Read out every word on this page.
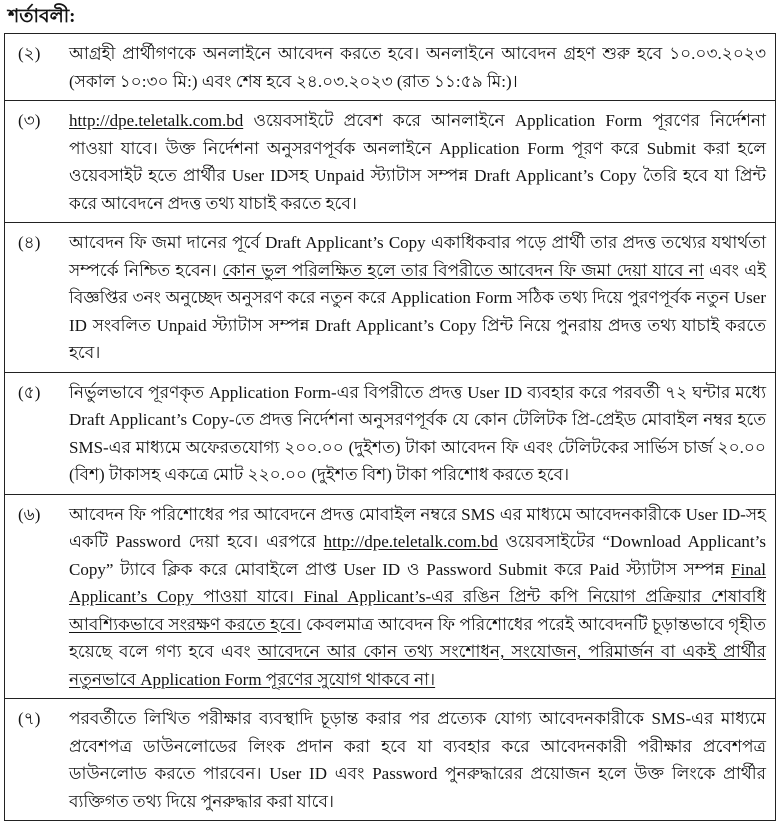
শর্তাবলী:
(২)	আগ্রহী প্রার্থীগণকে অনলাইনে আবেদন করতে হবে। অনলাইনে আবেদন গ্রহণ শুরু হবে ১০.০৩.২০২৩ (সকাল ১০:৩০ মি:) এবং শেষ হবে ২৪.০৩.২০২৩ (রাত ১১:৫৯ মি:)।
(৩)	http://dpe.teletalk.com.bd ওয়েবসাইটে প্রবেশ করে আনলাইনে Application Form পূরণের নির্দেশনা পাওয়া যাবে। উক্ত নির্দেশনা অনুসরণপূর্বক অনলাইনে Application Form পূরণ করে Submit করা হলে ওয়েবসাইট হতে প্রার্থীর User IDসহ Unpaid স্ট্যাটাস সম্পন্ন Draft Applicant’s Copy তৈরি হবে যা প্রিন্ট করে আবেদনে প্রদত্ত তথ্য যাচাই করতে হবে।
(৪)	আবেদন ফি জমা দানের পূর্বে Draft Applicant’s Copy একাধিকবার পড়ে প্রার্থী তার প্রদত্ত তথ্যের যথার্থতা সম্পর্কে নিশ্চিত হবেন। কোন ভুল পরিলক্ষিত হলে তার বিপরীতে আবেদন ফি জমা দেয়া যাবে না এবং এই বিজ্ঞপ্তির ৩নং অনুচ্ছেদ অনুসরণ করে নতুন করে Application Form সঠিক তথ্য দিয়ে পুরণপূর্বক নতুন User ID সংবলিত Unpaid স্ট্যাটাস সম্পন্ন Draft Applicant’s Copy প্রিন্ট নিয়ে পুনরায় প্রদত্ত তথ্য যাচাই করতে হবে।
(৫)	নির্ভুলভাবে পূরণকৃত Application Form-এর বিপরীতে প্রদত্ত User ID ব্যবহার করে পরবর্তী ৭২ ঘন্টার মধ্যে Draft Applicant’s Copy-তে প্রদত্ত নির্দেশনা অনুসরণপূর্বক যে কোন টেলিটক প্রি-প্রেইড মোবাইল নম্বর হতে SMS-এর মাধ্যমে অফেরতযোগ্য ২০০.০০ (দুইশত) টাকা আবেদন ফি এবং টেলিটকের সার্ভিস চার্জ ২০.০০ (বিশ) টাকাসহ একত্রে মোট ২২০.০০ (দুইশত বিশ) টাকা পরিশোধ করতে হবে।
(৬)	আবেদন ফি পরিশোধের পর আবেদনে প্রদত্ত মোবাইল নম্বরে SMS এর মাধ্যমে আবেদনকারীকে User ID-সহ একটি Password দেয়া হবে। এরপরে http://dpe.teletalk.com.bd ওয়েবসাইটের “Download Applicant’s Copy” ট্যাবে ক্লিক করে মোবাইলে প্রাপ্ত User ID ও Password Submit করে Paid স্ট্যাটাস সম্পন্ন Final Applicant’s Copy পাওয়া যাবে। Final Applicant’s-এর রঙিন প্রিন্ট কপি নিয়োগ প্রক্রিয়ার শেষাবধি আবশ্যিকভাবে সংরক্ষণ করতে হবে। কেবলমাত্র আবেদন ফি পরিশোধের পরেই আবেদনটি চূড়ান্তভাবে গৃহীত হয়েছে বলে গণ্য হবে এবং আবেদনে আর কোন তথ্য সংশোধন, সংযোজন, পরিমার্জন বা একই প্রার্থীর নতুনভাবে Application Form পূরণের সুযোগ থাকবে না।
(৭)	পরবর্তীতে লিখিত পরীক্ষার ব্যবস্থাদি চূড়ান্ত করার পর প্রত্যেক যোগ্য আবেদনকারীকে SMS-এর মাধ্যমে প্রবেশপত্র ডাউনলোডের লিংক প্রদান করা হবে যা ব্যবহার করে আবেদনকারী পরীক্ষার প্রবেশপত্র ডাউনলোড করতে পারবেন। User ID এবং Password পুনরুদ্ধারের প্রয়োজন হলে উক্ত লিংকে প্রার্থীর ব্যক্তিগত তথ্য দিয়ে পুনরুদ্ধার করা যাবে।
